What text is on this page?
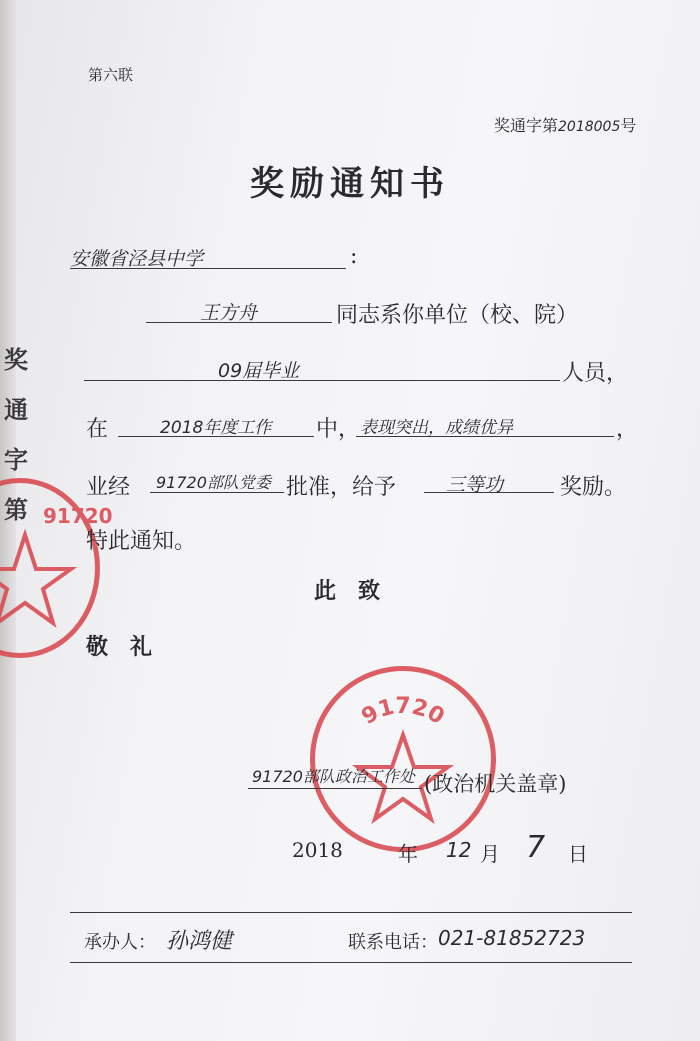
奖
通
字
第 91720
第六联
奖通字第2018005号
奖励通知书
安徽省泾县中学	:
王方舟	同志系你单位（校、院）
09届毕业	人员，
在	2018年度工作 中， 表现突出，成绩优异	，
业经 91720部队党委 批准，给予	三等功	奖励。
特此通知。
此　致
敬　礼
91720
91720部队政治工作处 (政治机关盖章)
2018	年 12 月 7 日
承办人： 孙鸿健	联系电话： 021-81852723
